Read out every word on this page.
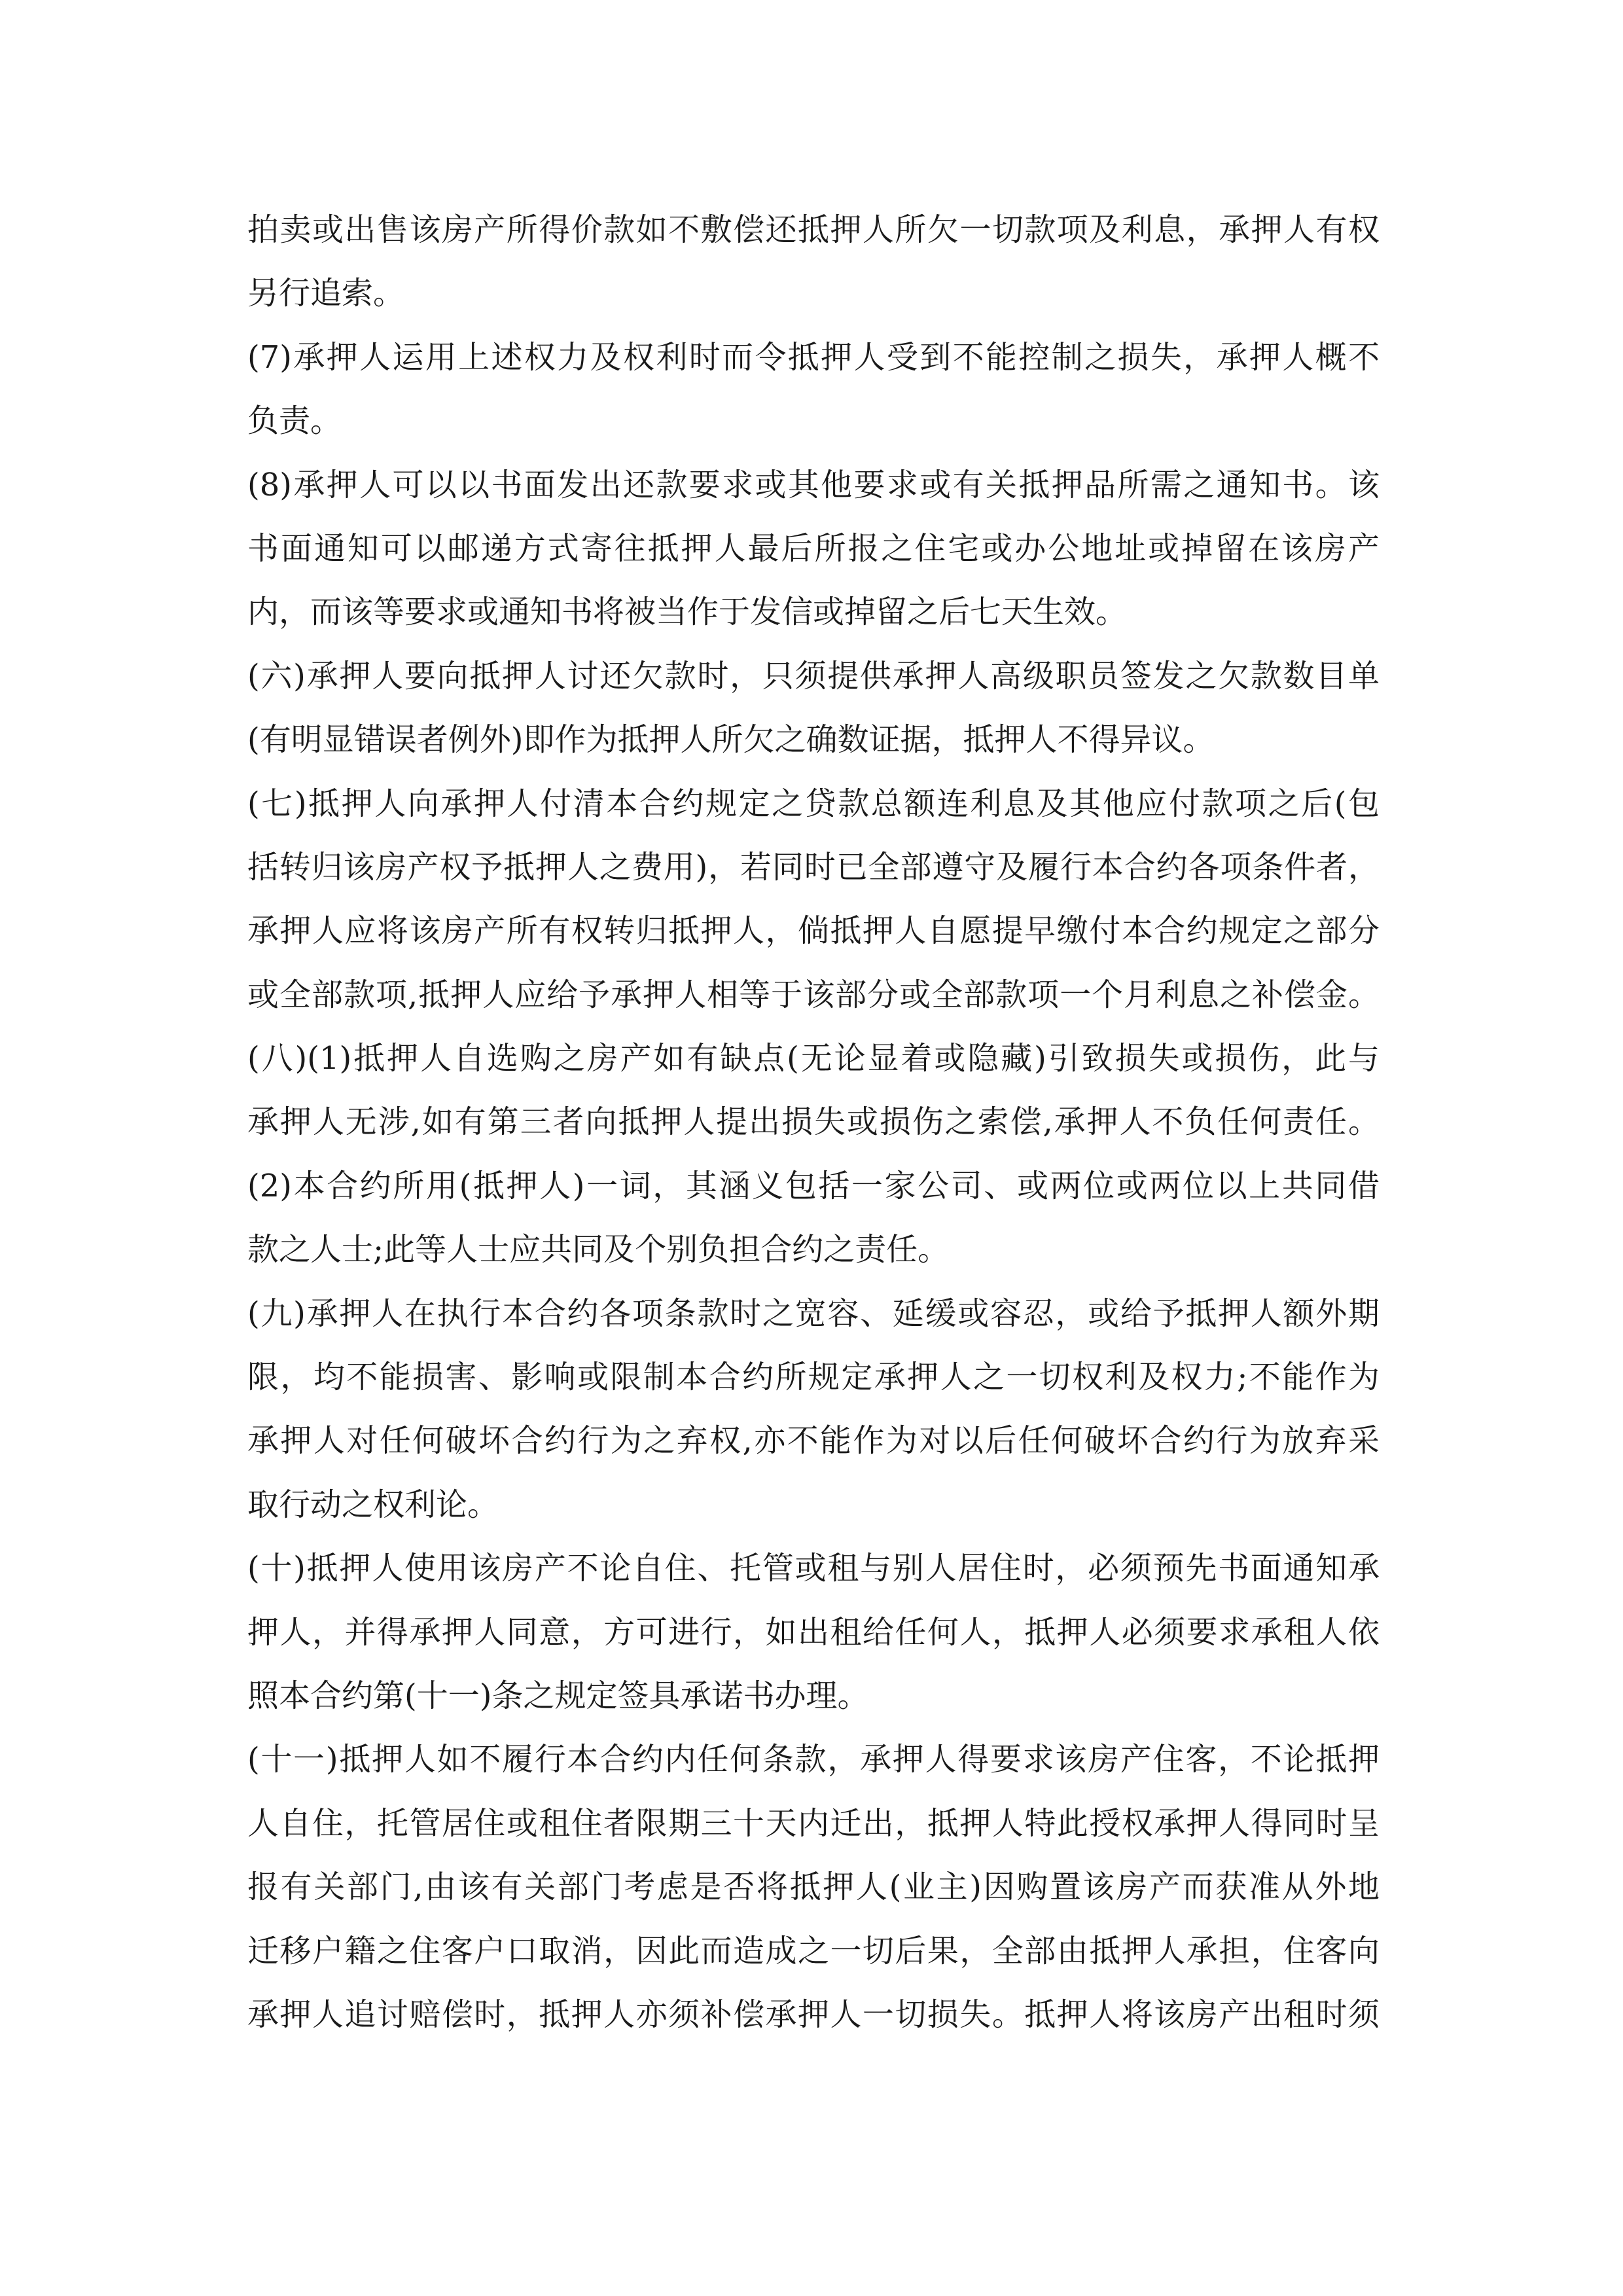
拍卖或出售该房产所得价款如不敷偿还抵押人所欠一切款项及利息，承押人有权
另行追索。
(7)承押人运用上述权力及权利时而令抵押人受到不能控制之损失，承押人概不
负责。
(8)承押人可以以书面发出还款要求或其他要求或有关抵押品所需之通知书。该
书面通知可以邮递方式寄往抵押人最后所报之住宅或办公地址或掉留在该房产
内，而该等要求或通知书将被当作于发信或掉留之后七天生效。
(六)承押人要向抵押人讨还欠款时，只须提供承押人高级职员签发之欠款数目单
(有明显错误者例外)即作为抵押人所欠之确数证据，抵押人不得异议。
(七)抵押人向承押人付清本合约规定之贷款总额连利息及其他应付款项之后(包
括转归该房产权予抵押人之费用)，若同时已全部遵守及履行本合约各项条件者，
承押人应将该房产所有权转归抵押人，倘抵押人自愿提早缴付本合约规定之部分
或全部款项,抵押人应给予承押人相等于该部分或全部款项一个月利息之补偿金。
(八)(1)抵押人自选购之房产如有缺点(无论显着或隐藏)引致损失或损伤，此与
承押人无涉,如有第三者向抵押人提出损失或损伤之索偿,承押人不负任何责任。
(2)本合约所用(抵押人)一词，其涵义包括一家公司、或两位或两位以上共同借
款之人士;此等人士应共同及个别负担合约之责任。
(九)承押人在执行本合约各项条款时之宽容、延缓或容忍，或给予抵押人额外期
限，均不能损害、影响或限制本合约所规定承押人之一切权利及权力;不能作为
承押人对任何破坏合约行为之弃权,亦不能作为对以后任何破坏合约行为放弃采
取行动之权利论。
(十)抵押人使用该房产不论自住、托管或租与别人居住时，必须预先书面通知承
押人，并得承押人同意，方可进行，如出租给任何人，抵押人必须要求承租人依
照本合约第(十一)条之规定签具承诺书办理。
(十一)抵押人如不履行本合约内任何条款，承押人得要求该房产住客，不论抵押
人自住，托管居住或租住者限期三十天内迁出，抵押人特此授权承押人得同时呈
报有关部门,由该有关部门考虑是否将抵押人(业主)因购置该房产而获准从外地
迁移户籍之住客户口取消，因此而造成之一切后果，全部由抵押人承担，住客向
承押人追讨赔偿时，抵押人亦须补偿承押人一切损失。抵押人将该房产出租时须
